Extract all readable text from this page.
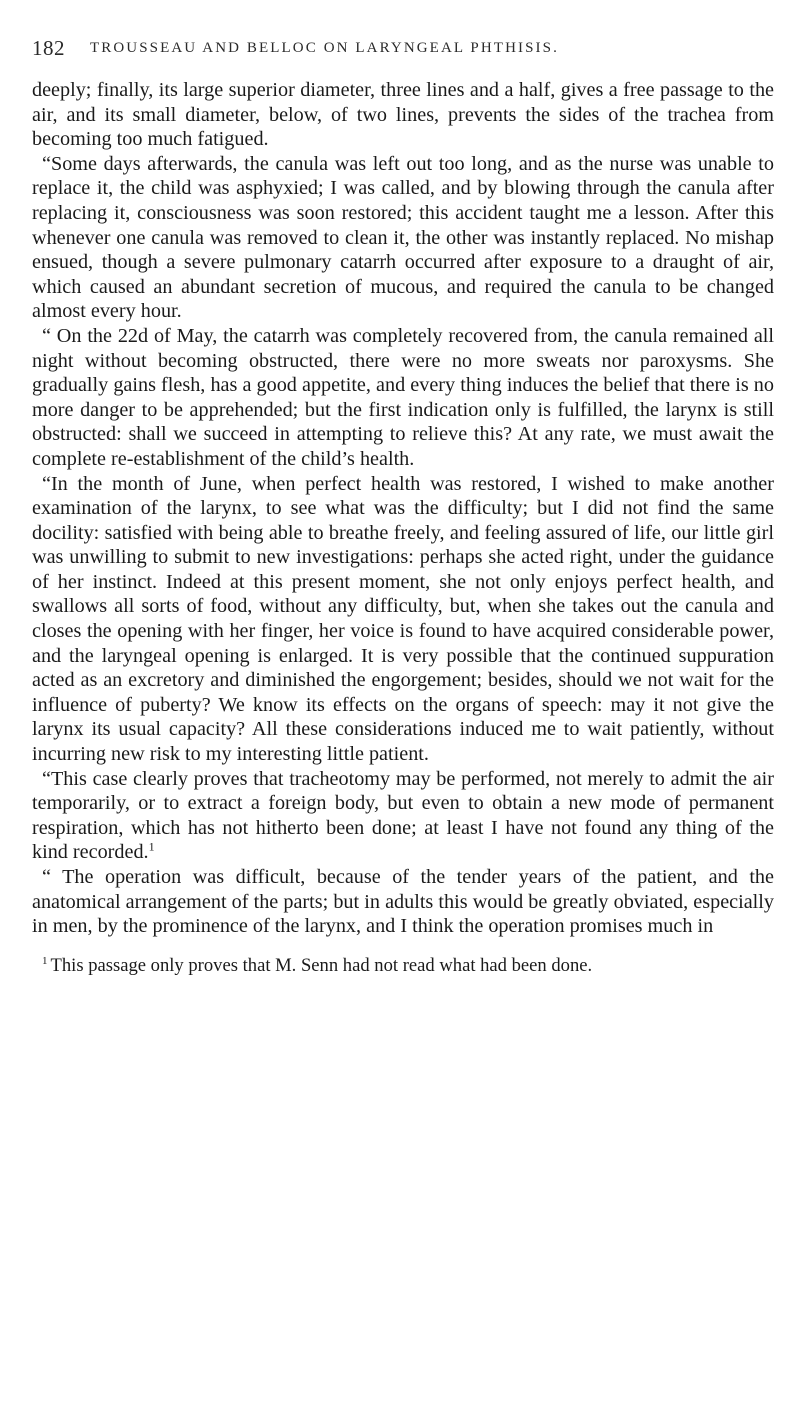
182 TROUSSEAU AND BELLOC ON LARYNGEAL PHTHISIS.

deeply; finally, its large superior diameter, three lines and a half, gives a free passage to the air, and its small diameter, below, of two lines, prevents the sides of the trachea from becoming too much fatigued.

“Some days afterwards, the canula was left out too long, and as the nurse was unable to replace it, the child was asphyxied; I was called, and by blowing through the canula after replacing it, consciousness was soon restored; this accident taught me a lesson. After this whenever one canula was removed to clean it, the other was instantly replaced. No mishap ensued, though a severe pulmonary catarrh occurred after exposure to a draught of air, which caused an abundant secretion of mucous, and required the canula to be changed almost every hour.

“ On the 22d of May, the catarrh was completely recovered from, the canula remained all night without becoming obstructed, there were no more sweats nor paroxysms. She gradually gains flesh, has a good appetite, and every thing induces the belief that there is no more danger to be apprehended; but the first indication only is fulfilled, the larynx is still obstructed: shall we succeed in attempting to relieve this? At any rate, we must await the complete re-establishment of the child’s health.

“In the month of June, when perfect health was restored, I wished to make another examination of the larynx, to see what was the difficulty; but I did not find the same docility: satisfied with being able to breathe freely, and feeling assured of life, our little girl was unwilling to submit to new investigations: perhaps she acted right, under the guidance of her instinct. Indeed at this present moment, she not only enjoys perfect health, and swallows all sorts of food, without any difficulty, but, when she takes out the canula and closes the opening with her finger, her voice is found to have acquired considerable power, and the laryngeal opening is enlarged. It is very possible that the continued suppuration acted as an excretory and diminished the engorgement; besides, should we not wait for the influence of puberty? We know its effects on the organs of speech: may it not give the larynx its usual capacity? All these considerations induced me to wait patiently, without incurring new risk to my interesting little patient.

“This case clearly proves that tracheotomy may be performed, not merely to admit the air temporarily, or to extract a foreign body, but even to obtain a new mode of permanent respiration, which has not hitherto been done; at least I have not found any thing of the kind recorded.$^1$

“ The operation was difficult, because of the tender years of the patient, and the anatomical arrangement of the parts; but in adults this would be greatly obviated, especially in men, by the prominence of the larynx, and I think the operation promises much in

$^1$ This passage only proves that M. Senn had not read what had been done.
